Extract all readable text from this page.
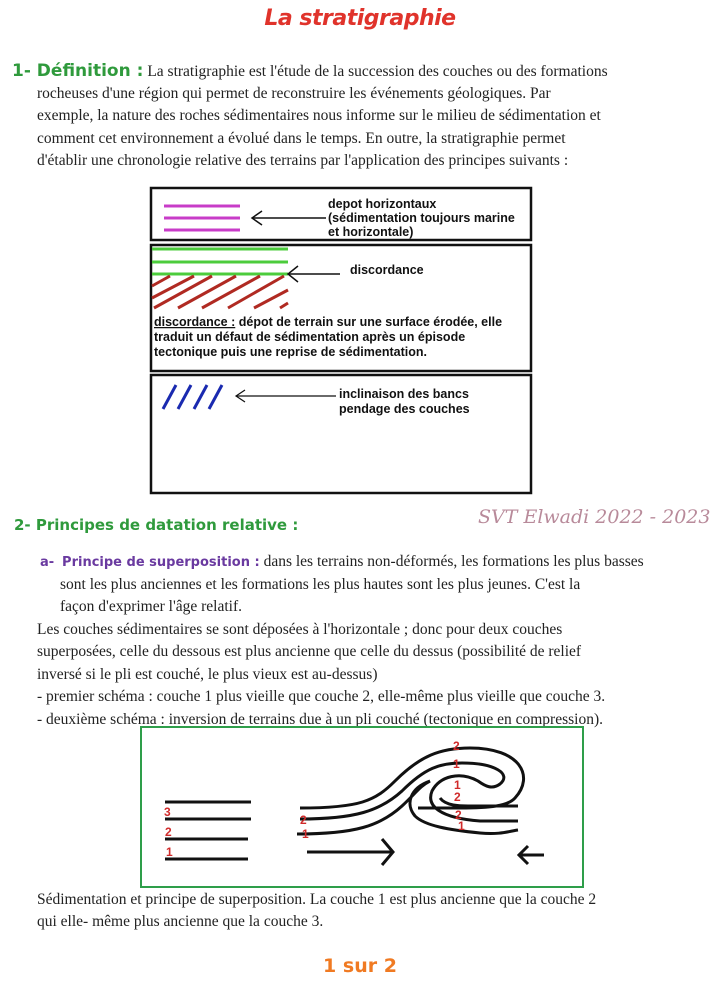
La stratigraphie
1- Définition : La stratigraphie est l'étude de la succession des couches ou des formations
rocheuses d'une région qui permet de reconstruire les événements géologiques. Par
exemple, la nature des roches sédimentaires nous informe sur le milieu de sédimentation et
comment cet environnement a évolué dans le temps. En outre, la stratigraphie permet
d'établir une chronologie relative des terrains par l'application des principes suivants :
depot horizontaux
(sédimentation toujours marine
et horizontale)
discordance
discordance : dépot de terrain sur une surface érodée, elle
traduit un défaut de sédimentation après un épisode
tectonique puis une reprise de sédimentation.
inclinaison des bancs
pendage des couches
2- Principes de datation relative :	SVT Elwadi 2022 - 2023
a- Principe de superposition : dans les terrains non-déformés, les formations les plus basses
sont les plus anciennes et les formations les plus hautes sont les plus jeunes. C'est la
façon d'exprimer l'âge relatif.
Les couches sédimentaires se sont déposées à l'horizontale ; donc pour deux couches
superposées, celle du dessous est plus ancienne que celle du dessus (possibilité de relief
inversé si le pli est couché, le plus vieux est au-dessus)
- premier schéma : couche 1 plus vieille que couche 2, elle-même plus vieille que couche 3.
- deuxième schéma : inversion de terrains due à un pli couché (tectonique en compression).
3
2
1
2
1
2
1
1
2
2
1
Sédimentation et principe de superposition. La couche 1 est plus ancienne que la couche 2
qui elle- même plus ancienne que la couche 3.
1 sur 2
